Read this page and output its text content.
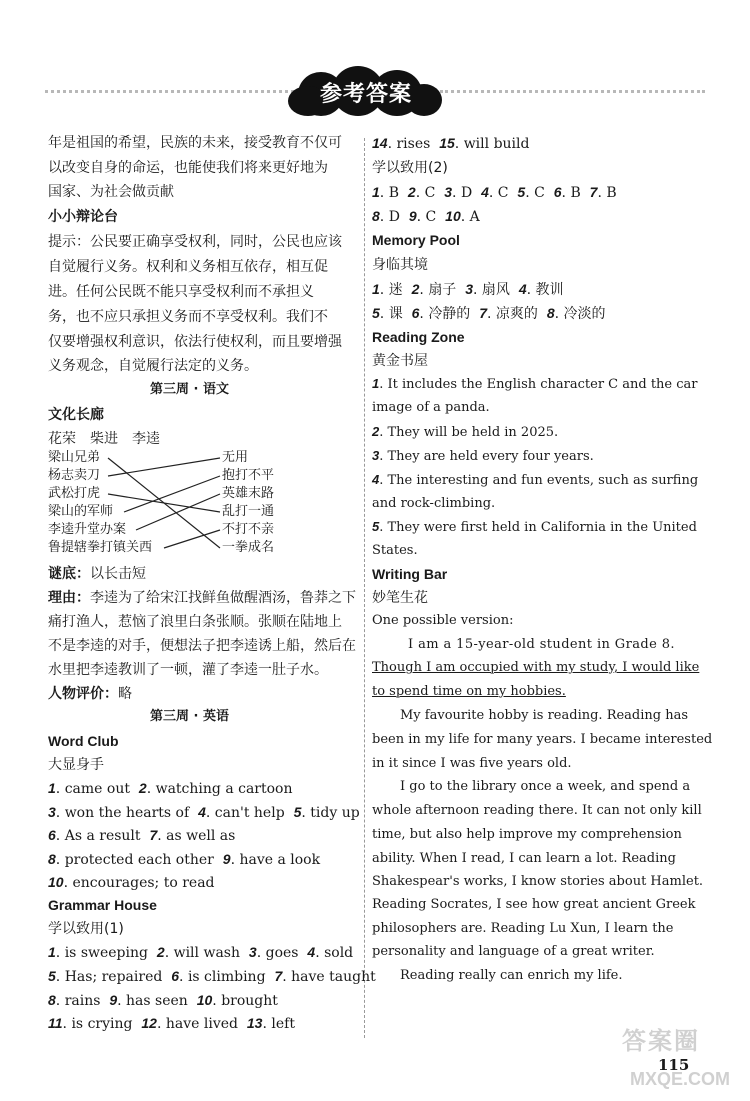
参考答案
年是祖国的希望，民族的未来，接受教育不仅可
以改变自身的命运，也能使我们将来更好地为
国家、为社会做贡献
小小辩论台
提示：公民要正确享受权利，同时，公民也应该
自觉履行义务。权利和义务相互依存，相互促
进。任何公民既不能只享受权利而不承担义
务，也不应只承担义务而不享受权利。我们不
仅要增强权利意识，依法行使权利，而且要增强
义务观念，自觉履行法定的义务。
第三周 · 语文
文化长廊
花荣　柴进　李逵
梁山兄弟
杨志卖刀
武松打虎
梁山的军师
李逵升堂办案
鲁提辖拳打镇关西
无用
抱打不平
英雄末路
乱打一通
不打不亲
一拳成名
谜底：以长击短
理由：李逵为了给宋江找鲜鱼做醒酒汤，鲁莽之下
痛打渔人，惹恼了浪里白条张顺。张顺在陆地上
不是李逵的对手，便想法子把李逵诱上船，然后在
水里把李逵教训了一顿，灌了李逵一肚子水。
人物评价：略
第三周 · 英语
Word Club
大显身手
1. came out 2. watching a cartoon
3. won the hearts of 4. can't help 5. tidy up
6. As a result 7. as well as
8. protected each other 9. have a look
10. encourages; to read
Grammar House
学以致用(1)
1. is sweeping 2. will wash 3. goes 4. sold
5. Has; repaired 6. is climbing 7. have taught
8. rains 9. has seen 10. brought
11. is crying 12. have lived 13. left
14. rises 15. will build
学以致用(2)
1. B 2. C 3. D 4. C 5. C 6. B 7. B
8. D 9. C 10. A
Memory Pool
身临其境
1. 迷 2. 扇子 3. 扇风 4. 教训
5. 课 6. 冷静的 7. 凉爽的 8. 冷淡的
Reading Zone
黄金书屋
1. It includes the English character C and the car
image of a panda.
2. They will be held in 2025.
3. They are held every four years.
4. The interesting and fun events, such as surfing
and rock-climbing.
5. They were first held in California in the United
States.
Writing Bar
妙笔生花
One possible version:
I am a 15-year-old student in Grade 8.
Though I am occupied with my study, I would like
to spend time on my hobbies.
My favourite hobby is reading. Reading has
been in my life for many years. I became interested
in it since I was five years old.
I go to the library once a week, and spend a
whole afternoon reading there. It can not only kill
time, but also help improve my comprehension
ability. When I read, I can learn a lot. Reading
Shakespear's works, I know stories about Hamlet.
Reading Socrates, I see how great ancient Greek
philosophers are. Reading Lu Xun, I learn the
personality and language of a great writer.
Reading really can enrich my life.
115
答案圈
MXQE.COM
